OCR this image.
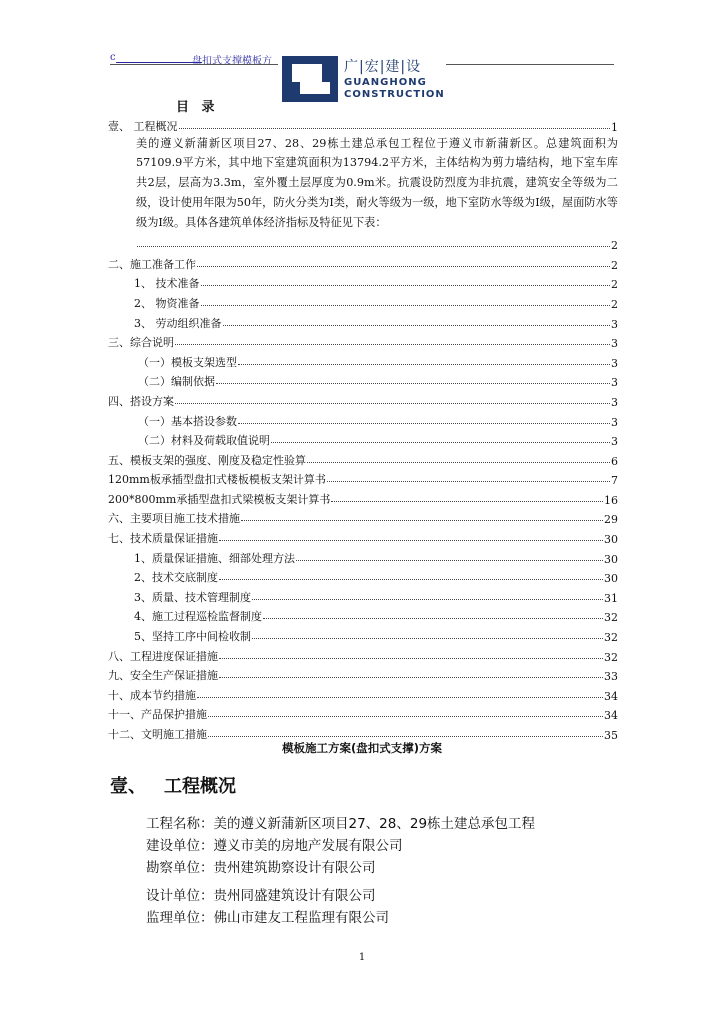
c	盘扣式支撑模板方	广|宏|建|设
GUANGHONG
CONSTRUCTION
目 录
壹、 工程概况	1
美的遵义新蒲新区项目27、28、29栋土建总承包工程位于遵义市新蒲新区。总建筑面积为57109.9平方米，其中地下室建筑面积为13794.2平方米，主体结构为剪力墙结构，地下室车库共2层，层高为3.3m，室外覆土层厚度为0.9m米。抗震设防烈度为非抗震，建筑安全等级为二级，设计使用年限为50年，防火分类为Ⅰ类，耐火等级为一级，地下室防水等级为Ⅰ级，屋面防水等级为Ⅰ级。具体各建筑单体经济指标及特征见下表：
2
二、施工准备工作	2
1、 技术准备	2
2、 物资准备	2
3、 劳动组织准备	3
三、综合说明	3
（一）模板支架选型	3
（二）编制依据	3
四、搭设方案	3
（一）基本搭设参数	3
（二）材料及荷载取值说明	3
五、模板支架的强度、刚度及稳定性验算	6
120mm板承插型盘扣式楼板模板支架计算书	7
200*800mm承插型盘扣式梁模板支架计算书	16
六、主要项目施工技术措施	29
七、技术质量保证措施	30
1、质量保证措施、细部处理方法	30
2、技术交底制度	30
3、质量、技术管理制度	31
4、施工过程巡检监督制度	32
5、坚持工序中间检收制	32
八、工程进度保证措施	32
九、安全生产保证措施	33
十、成本节约措施	34
十一、产品保护措施	34
十二、文明施工措施	35
模板施工方案(盘扣式支撑)方案
壹、 工程概况
工程名称：美的遵义新蒲新区项目27、28、29栋土建总承包工程
建设单位：遵义市美的房地产发展有限公司
勘察单位：贵州建筑勘察设计有限公司
设计单位：贵州同盛建筑设计有限公司
监理单位：佛山市建友工程监理有限公司
1
